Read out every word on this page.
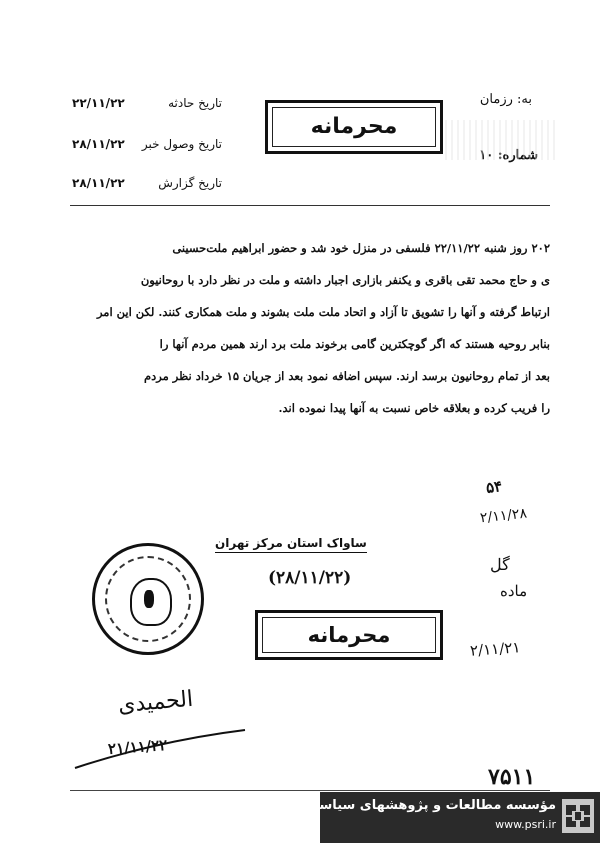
به: رزمان
شماره: ۱۰
محرمانه
تاریخ حادثه
۲۲/۱۱/۲۲
تاریخ وصول خبر
۲۸/۱۱/۲۲
تاریخ گزارش
۲۸/۱۱/۲۲

۲۰۲ روز شنبه ۲۲/۱۱/۲۲ فلسفی در منزل خود شد و حضور ابراهیم ملت‌حسینی

ی و حاج محمد تقی باقری و یکنفر بازاری اجبار داشته و ملت در نظر دارد با روحانیون

ارتباط گرفته و آنها را تشویق تا آزاد و اتحاد ملت ملت بشوند و ملت همکاری کنند. لکن این امر

بنابر روحیه هستند که اگر گوچکترین گامی برخوند ملت برد ارند همین مردم آنها را

بعد از تمام روحانیون برسد ارند. سپس اضافه نمود بعد از جریان ۱۵ خرداد نظر مردم

را فریب کرده و بعلاقه خاص نسبت به آنها پیدا نموده اند.

ساواک استان مرکز تهران
(۲۸/۱۱/۲۲)
محرمانه
۵۴
۲/۱۱/۲۸
گل
ماده
۲/۱۱/۲۱
الحمیدی
۲۱/۱۱/۲۲
۷۵۱۱
مؤسسه مطالعات و پژوهشهای سیاسی
www.psri.ir
